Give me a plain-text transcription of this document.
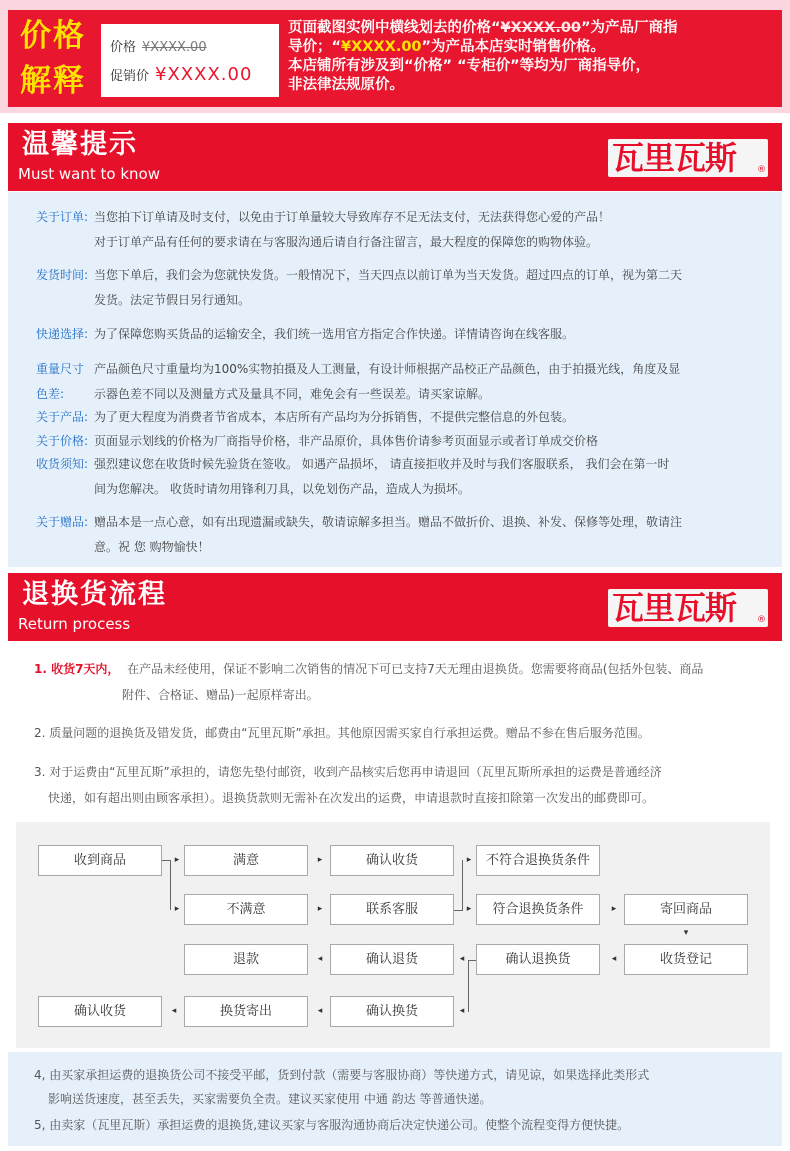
价格
解释
价格 ¥XXXX.00
促销价 ¥XXXX.00
页面截图实例中横线划去的价格“¥XXXX.00”为产品厂商指
导价；“¥XXXX.00”为产品本店实时销售价格。
本店铺所有涉及到“价格” “专柜价”等均为厂商指导价，
非法律法规原价。
温馨提示
Must want to know	瓦里瓦斯 ®
关于订单: 当您拍下订单请及时支付，以免由于订单量较大导致库存不足无法支付，无法获得您心爱的产品！
对于订单产品有任何的要求请在与客服沟通后请自行备注留言，最大程度的保障您的购物体验。
发货时间: 当您下单后，我们会为您就快发货。一般情况下，当天四点以前订单为当天发货。超过四点的订单，视为第二天
发货。法定节假日另行通知。
快递选择: 为了保障您购买货品的运输安全，我们统一选用官方指定合作快递。详情请咨询在线客服。
重量尺寸
色差:
产品颜色尺寸重量均为100%实物拍摄及人工测量，有设计师根据产品校正产品颜色，由于拍摄光线，角度及显
示器色差不同以及测量方式及量具不同，难免会有一些误差。请买家谅解。
关于产品: 为了更大程度为消费者节省成本，本店所有产品均为分拆销售，不提供完整信息的外包装。
关于价格: 页面显示划线的价格为厂商指导价格，非产品原价，具体售价请参考页面显示或者订单成交价格
收货须知: 强烈建议您在收货时候先验货在签收。 如遇产品损坏， 请直接拒收并及时与我们客服联系， 我们会在第一时
间为您解决。 收货时请勿用锋利刀具，以免划伤产品，造成人为损坏。
关于赠品: 赠品本是一点心意，如有出现遗漏或缺失，敬请谅解多担当。赠品不做折价、退换、补发、保修等处理，敬请注
意。祝 您 购物愉快！
退换货流程
Return process	瓦里瓦斯 ®
1. 收货7天内， 在产品未经使用，保证不影响二次销售的情况下可已支持7天无理由退换货。您需要将商品(包括外包装、商品
附件、合格证、赠品)一起原样寄出。
2. 质量问题的退换货及错发货，邮费由“瓦里瓦斯”承担。其他原因需买家自行承担运费。赠品不参在售后服务范围。
3. 对于运费由“瓦里瓦斯”承担的，请您先垫付邮资，收到产品核实后您再申请退回（瓦里瓦斯所承担的运费是普通经济
快递，如有超出则由顾客承担）。退换货款则无需补在次发出的运费，申请退款时直接扣除第一次发出的邮费即可。
收到商品	满意	确认收货	不符合退换货条件
不满意	联系客服	符合退换货条件	寄回商品
退款	确认退货	确认退换货	收货登记
确认收货	换货寄出	确认换货
▸
▸
▸
▸
▸
▸	▸
▾
◂
◂
◂
◂
◂
◂
4, 由买家承担运费的退换货公司不接受平邮，货到付款（需要与客服协商）等快递方式，请见谅，如果选择此类形式
影响送货速度，甚至丢失，买家需要负全责。建议买家使用 中通 韵达 等普通快递。
5, 由卖家（瓦里瓦斯）承担运费的退换货,建议买家与客服沟通协商后决定快递公司。使整个流程变得方便快捷。
